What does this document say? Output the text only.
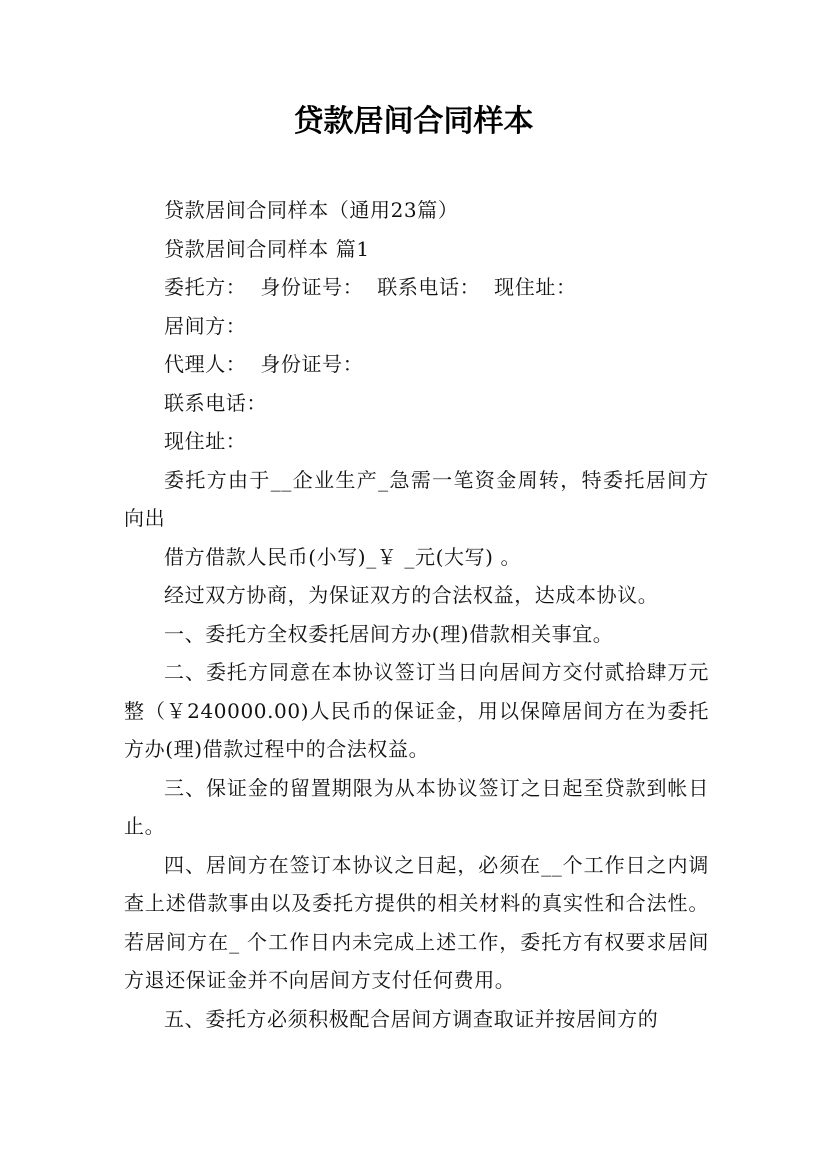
贷款居间合同样本

贷款居间合同样本（通用23篇）

贷款居间合同样本 篇1

委托方：  身份证号：  联系电话：  现住址：

居间方：

代理人：  身份证号：

联系电话：

现住址：

委托方由于__企业生产_急需一笔资金周转，特委托居间方向出

借方借款人民币(小写)_￥ _元(大写) 。

经过双方协商，为保证双方的合法权益，达成本协议。

一、委托方全权委托居间方办(理)借款相关事宜。

二、委托方同意在本协议签订当日向居间方交付贰拾肆万元整（￥240000.00)人民币的保证金，用以保障居间方在为委托方办(理)借款过程中的合法权益。

三、保证金的留置期限为从本协议签订之日起至贷款到帐日止。

四、居间方在签订本协议之日起，必须在__个工作日之内调查上述借款事由以及委托方提供的相关材料的真实性和合法性。若居间方在_ 个工作日内未完成上述工作，委托方有权要求居间方退还保证金并不向居间方支付任何费用。

五、委托方必须积极配合居间方调查取证并按居间方的
